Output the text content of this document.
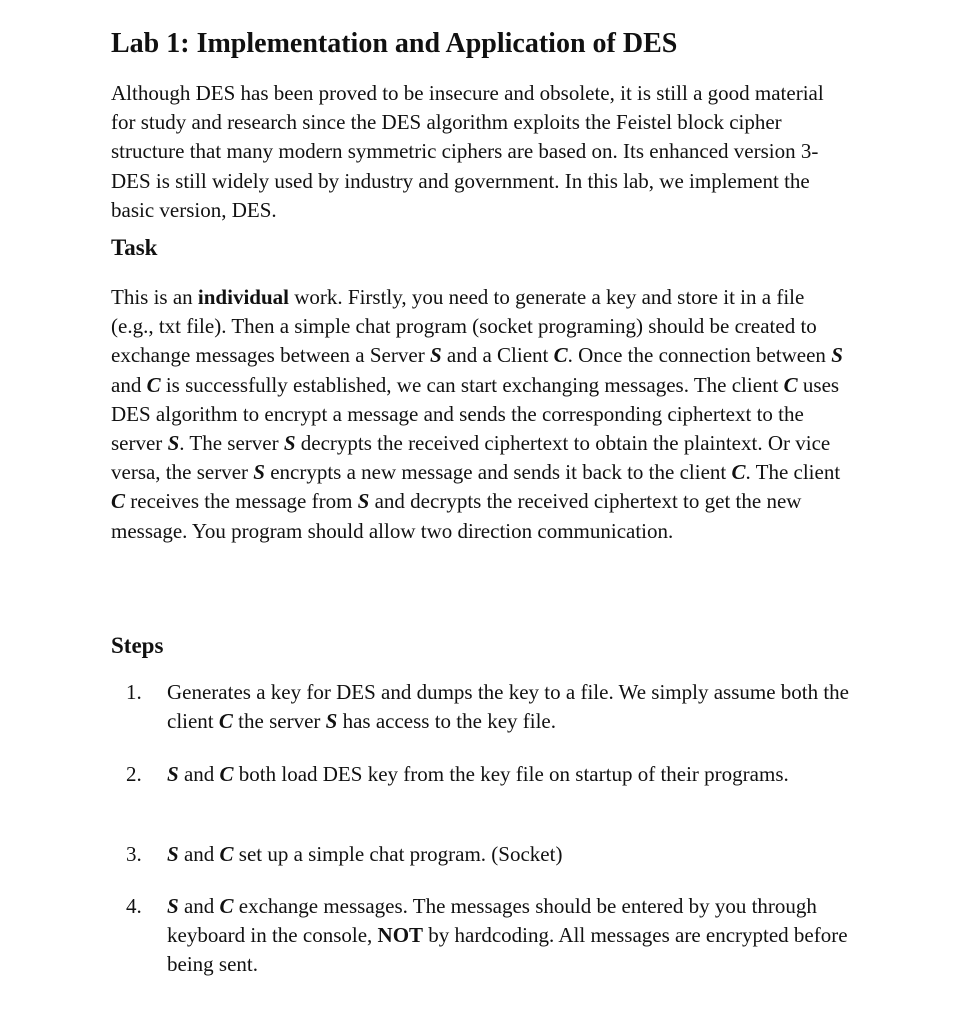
Lab 1: Implementation and Application of DES

Although DES has been proved to be insecure and obsolete, it is still a good material for study and research since the DES algorithm exploits the Feistel block cipher structure that many modern symmetric ciphers are based on. Its enhanced version 3-DES is still widely used by industry and government. In this lab, we implement the basic version, DES.

Task

This is an individual work. Firstly, you need to generate a key and store it in a file (e.g., txt file). Then a simple chat program (socket programing) should be created to exchange messages between a Server S and a Client C. Once the connection between S and C is successfully established, we can start exchanging messages. The client C uses DES algorithm to encrypt a message and sends the corresponding ciphertext to the server S. The server S decrypts the received ciphertext to obtain the plaintext. Or vice versa, the server S encrypts a new message and sends it back to the client C. The client C receives the message from S and decrypts the received ciphertext to get the new message. You program should allow two direction communication.

Steps
1. Generates a key for DES and dumps the key to a file. We simply assume both the client C the server S has access to the key file.
2. S and C both load DES key from the key file on startup of their programs.
3. S and C set up a simple chat program. (Socket)
4. S and C exchange messages. The messages should be entered by you through keyboard in the console, NOT by hardcoding. All messages are encrypted before being sent.
